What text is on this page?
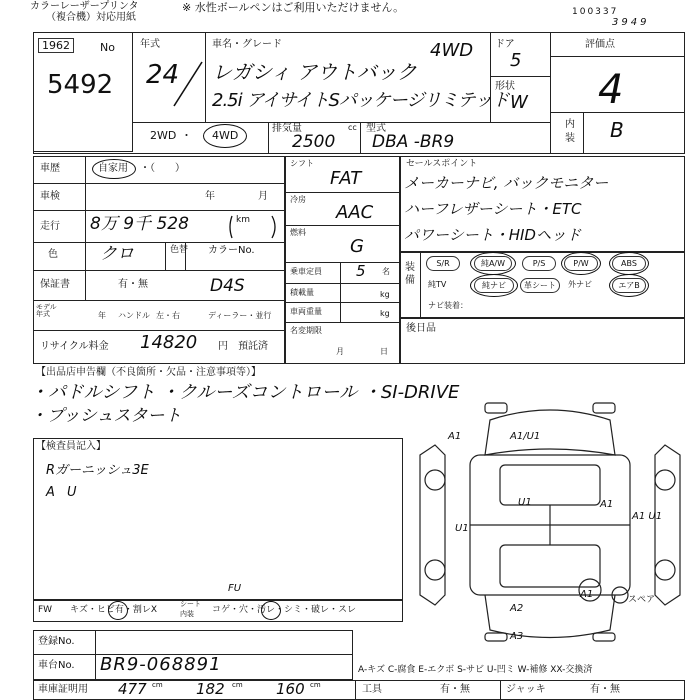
カラーレーザープリンタ
（複合機）対応用紙
※ 水性ボールペンはご利用いただけません。	100337
3949
1962	No
5492
年式
24
車名・グレード	4WD
レガシィ アウトバック
2.5i アイサイトSパッケージリミテッド
ドア
5
形状
W
評価点
4
内
装 B
2WD ・ 4WD
排気量	cc
2500
型式
DBA -BR9
車歴	自家用 ・（　　）
車検	年	月
走行 8万 9千 528	km
色 クロ	色替 カラーNo.
保証書	有・無	D4S
モデル年式	年 ハンドル 左・右	ディーラー・並行
リサイクル料金 14820 円 預託済
シフト
FAT
冷房
AAC
燃料
G
乗車定員 5 名
積載量	kg
車両重量	kg
名変期限
月	日
セールスポイント
メーカーナビ, バックモニター
ハーフレザーシート・ETC
パワーシート・HIDヘッド
装備
S/R	純A/W	P/S	P/W	ABS
純TV	純ナビ	革シート	外ナビ	エアB
ナビ装着：
後日品
【出品店申告欄（不良箇所・欠品・注意事項等）】
・パドルシフト ・クルーズコントロール ・SI-DRIVE
・プッシュスタート
【検査員記入】
Rガーニッシュ3E
A U
A1	A1/U1
U1
U1
A1
A1 U1
A2
A3
A1	スペア
FW キズ・ヒビ有・割レX
シート
内装 コゲ・穴・汚レ・シミ・破レ・スレ
FU
登録No.
車台No. BR9-068891	A-キズ C-腐食 E-エクボ S-サビ U-凹ミ W-補修 XX-交換済
車庫証明用 477 cm 182 cm 160 cm	工具	有・無	ジャッキ	有・無
